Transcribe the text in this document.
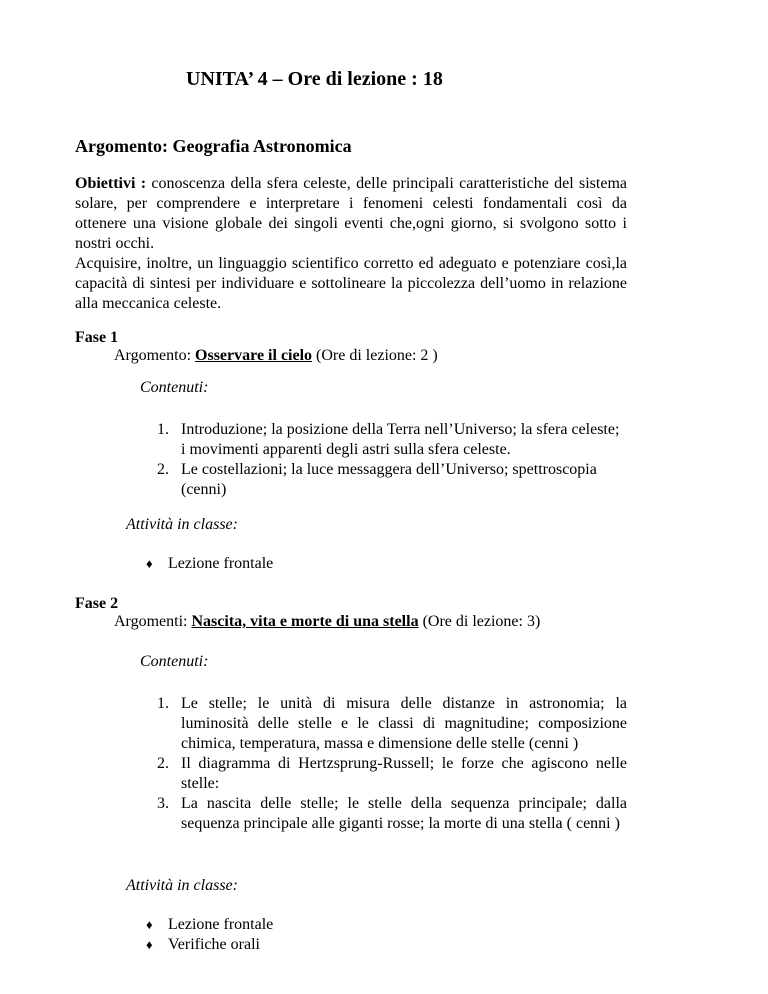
UNITA’ 4 – Ore di lezione : 18
Argomento: Geografia Astronomica

Obiettivi : conoscenza della sfera celeste, delle principali caratteristiche del sistema solare, per comprendere e interpretare i fenomeni celesti fondamentali così da ottenere una visione globale dei singoli eventi che,ogni giorno, si svolgono sotto i nostri occhi.

Acquisire, inoltre, un linguaggio scientifico corretto ed adeguato e potenziare così,la capacità di sintesi per individuare e sottolineare la piccolezza dell’uomo in relazione alla meccanica celeste.

Fase 1
Argomento: Osservare il cielo (Ore di lezione: 2 )
Contenuti:
1. Introduzione; la posizione della Terra nell’Universo; la sfera celeste; i movimenti apparenti degli astri sulla sfera celeste.
2. Le costellazioni; la luce messaggera dell’Universo; spettroscopia (cenni)
Attività in classe:
♦ Lezione frontale
Fase 2
Argomenti: Nascita, vita e morte di una stella (Ore di lezione: 3)
Contenuti:
1. Le stelle; le unità di misura delle distanze in astronomia; la luminosità delle stelle e le classi di magnitudine; composizione chimica, temperatura, massa e dimensione delle stelle (cenni )
2. Il diagramma di Hertzsprung-Russell; le forze che agiscono nelle stelle:
3. La nascita delle stelle; le stelle della sequenza principale; dalla sequenza principale alle giganti rosse; la morte di una stella ( cenni )
Attività in classe:
♦ Lezione frontale
♦ Verifiche orali
